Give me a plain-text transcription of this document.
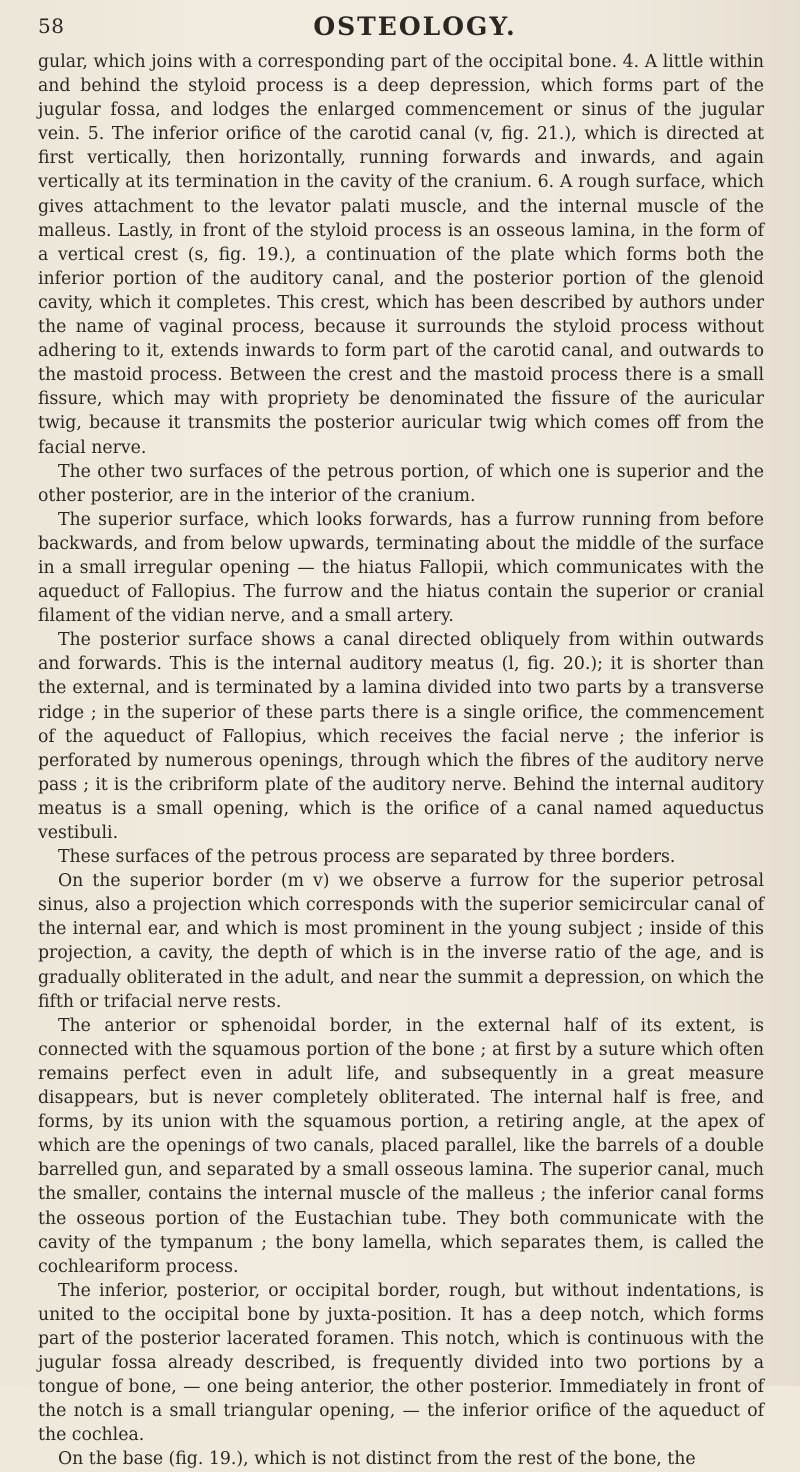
58	OSTEOLOGY.

gular, which joins with a corresponding part of the occipital bone. 4. A little within and behind the styloid process is a deep depression, which forms part of the jugular fossa, and lodges the enlarged commencement or sinus of the jugular vein. 5. The inferior orifice of the carotid canal (v, fig. 21.), which is directed at first vertically, then horizontally, running forwards and inwards, and again vertically at its termination in the cavity of the cranium. 6. A rough surface, which gives attachment to the levator palati muscle, and the internal muscle of the malleus. Lastly, in front of the styloid process is an osseous lamina, in the form of a vertical crest (s, fig. 19.), a continuation of the plate which forms both the inferior portion of the auditory canal, and the posterior portion of the glenoid cavity, which it completes. This crest, which has been described by authors under the name of vaginal process, because it surrounds the styloid process without adhering to it, extends inwards to form part of the carotid canal, and outwards to the mastoid process. Between the crest and the mastoid process there is a small fissure, which may with propriety be denominated the fissure of the auricular twig, because it transmits the posterior auricular twig which comes off from the facial nerve.

The other two surfaces of the petrous portion, of which one is superior and the other posterior, are in the interior of the cranium.

The superior surface, which looks forwards, has a furrow running from before backwards, and from below upwards, terminating about the middle of the surface in a small irregular opening — the hiatus Fallopii, which communicates with the aqueduct of Fallopius. The furrow and the hiatus contain the superior or cranial filament of the vidian nerve, and a small artery.

The posterior surface shows a canal directed obliquely from within outwards and forwards. This is the internal auditory meatus (l, fig. 20.); it is shorter than the external, and is terminated by a lamina divided into two parts by a transverse ridge ; in the superior of these parts there is a single orifice, the commencement of the aqueduct of Fallopius, which receives the facial nerve ; the inferior is perforated by numerous openings, through which the fibres of the auditory nerve pass ; it is the cribriform plate of the auditory nerve. Behind the internal auditory meatus is a small opening, which is the orifice of a canal named aqueductus vestibuli.

These surfaces of the petrous process are separated by three borders.

On the superior border (m v) we observe a furrow for the superior petrosal sinus, also a projection which corresponds with the superior semicircular canal of the internal ear, and which is most prominent in the young subject ; inside of this projection, a cavity, the depth of which is in the inverse ratio of the age, and is gradually obliterated in the adult, and near the summit a depression, on which the fifth or trifacial nerve rests.

The anterior or sphenoidal border, in the external half of its extent, is connected with the squamous portion of the bone ; at first by a suture which often remains perfect even in adult life, and subsequently in a great measure disappears, but is never completely obliterated. The internal half is free, and forms, by its union with the squamous portion, a retiring angle, at the apex of which are the openings of two canals, placed parallel, like the barrels of a double barrelled gun, and separated by a small osseous lamina. The superior canal, much the smaller, contains the internal muscle of the malleus ; the inferior canal forms the osseous portion of the Eustachian tube. They both communicate with the cavity of the tympanum ; the bony lamella, which separates them, is called the cochleariform process.

The inferior, posterior, or occipital border, rough, but without indentations, is united to the occipital bone by juxta-position. It has a deep notch, which forms part of the posterior lacerated foramen. This notch, which is continuous with the jugular fossa already described, is frequently divided into two portions by a tongue of bone, — one being anterior, the other posterior. Immediately in front of the notch is a small triangular opening, — the inferior orifice of the aqueduct of the cochlea.

On the base (fig. 19.), which is not distinct from the rest of the bone, the
